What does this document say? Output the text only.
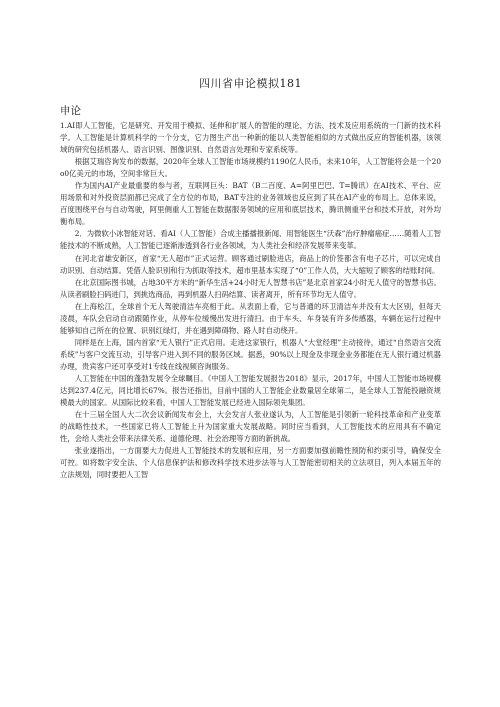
四川省申论模拟181
申论

1.AI即人工智能，它是研究、开发用于模拟、延伸和扩展人的智能的理论、方法、技术及应用系统的一门新的技术科学。人工智能是计算机科学的一个分支，它力图生产出一种新的能以人类智能相似的方式做出反应的智能机器，该领域的研究包括机器人、语言识别、图像识别、自然语言处理和专家系统等。

根据艾瑞咨询发布的数据，2020年全球人工智能市场规模约1190亿人民币，未来10年，人工智能将会是一个20o0亿美元的市场，空间非常巨大。

作为国内AI产业最重要的参与者，互联网巨头：BAT（B二百度、A=阿里巴巴、T=腾讯）在AI技术、平台、应用场景和对外投资层面都已完成了全方位的布局，BAT专注的业务领域也反应到了其在AI产业的布局上。总体来说，百度围绕平台与自动驾驶，阿里侧重人工智能在数据服务领域的应用和底层技术，腾讯侧重平台和技术开放，对外均衡布局。

2．为微软小冰智能对话、看AI（人工智能）合成主播播报新闻、用智能医生“沃森”治疗肿瘤癌症……随着人工智能技术的不断成熟，人工智能已逐渐渗透到各行业各领域，为人类社会和经济发展带来变革。

在河北省雄安新区，首家“无人超市”正式运营。顾客通过刷脸进店，商品上的价签都含有电子芯片，可以完成自动识别、自动结算。凭借人脸识别和行为抓取等技术，超市里基本实现了“0”工作人员，大大缩短了顾客的结账时间。

在北京国际图书城，占地30平方米的“新华生活+24小时无人智慧书店”是北京首家24小时无人值守的智慧书店。从读者刷脸扫码进门，到挑选商品，再到机器人扫码结算、读者离开，所有环节均无人值守。

在上海松江，全球首个无人驾驶清洁车亮相于此。从表面上看，它与普通的环卫清洁车并没有太大区别，但每天凌晨，车队会启动自动跟随作业，从停车位缓慢出发进行清扫。由于车头、车身装有许多传感器，车辆在运行过程中能够知自己所在的位置、识别红绿灯，并在遇到障碍物、路人时自动绕开。

同样是在上海，国内首家“无人银行”正式启用。走进这家银行，机器人“大堂经理”主动接待，通过“自然语言交流系统”与客户交流互动，引导客户进入到不同的服务区域。据悉，90%以上现金及非现金业务都能在无人银行通过机器办理，贵宾客户还可享受对1专线在线视频咨询服务。

人工智能在中国的蓬勃发展令全球瞩目。《中国人工智能发展报告2018》显示，2017年，中国人工智能市场规模达到237.4亿元，同比增长67%。报告还指出，目前中国的人工智能企业数量居全球第二，是全球人工智能投融资规模最大的国家。从国际比较来看，中国人工智能发展已经进入国际领先集团。

在十三届全国人大二次会议新闻发布会上，大会发言人张业遂认为，人工智能是引领新一轮科技革命和产业变革的战略性技术，一些国家已将人工智能上升为国家重大发展战略。同时应当看到，人工智能技术的应用具有不确定性，会给人类社会带来法律关系、道德伦理、社会治理等方面的新挑战。

张业遂指出，一方面要大力促进人工智能技术的发展和应用，另一方面要加强前瞻性预防和约束引导，确保安全可控。如将数字安全法、个人信息保护法和修改科学技术进步法等与人工智能密切相关的立法项目，列入本届五年的立法规划，同时要把人工智
